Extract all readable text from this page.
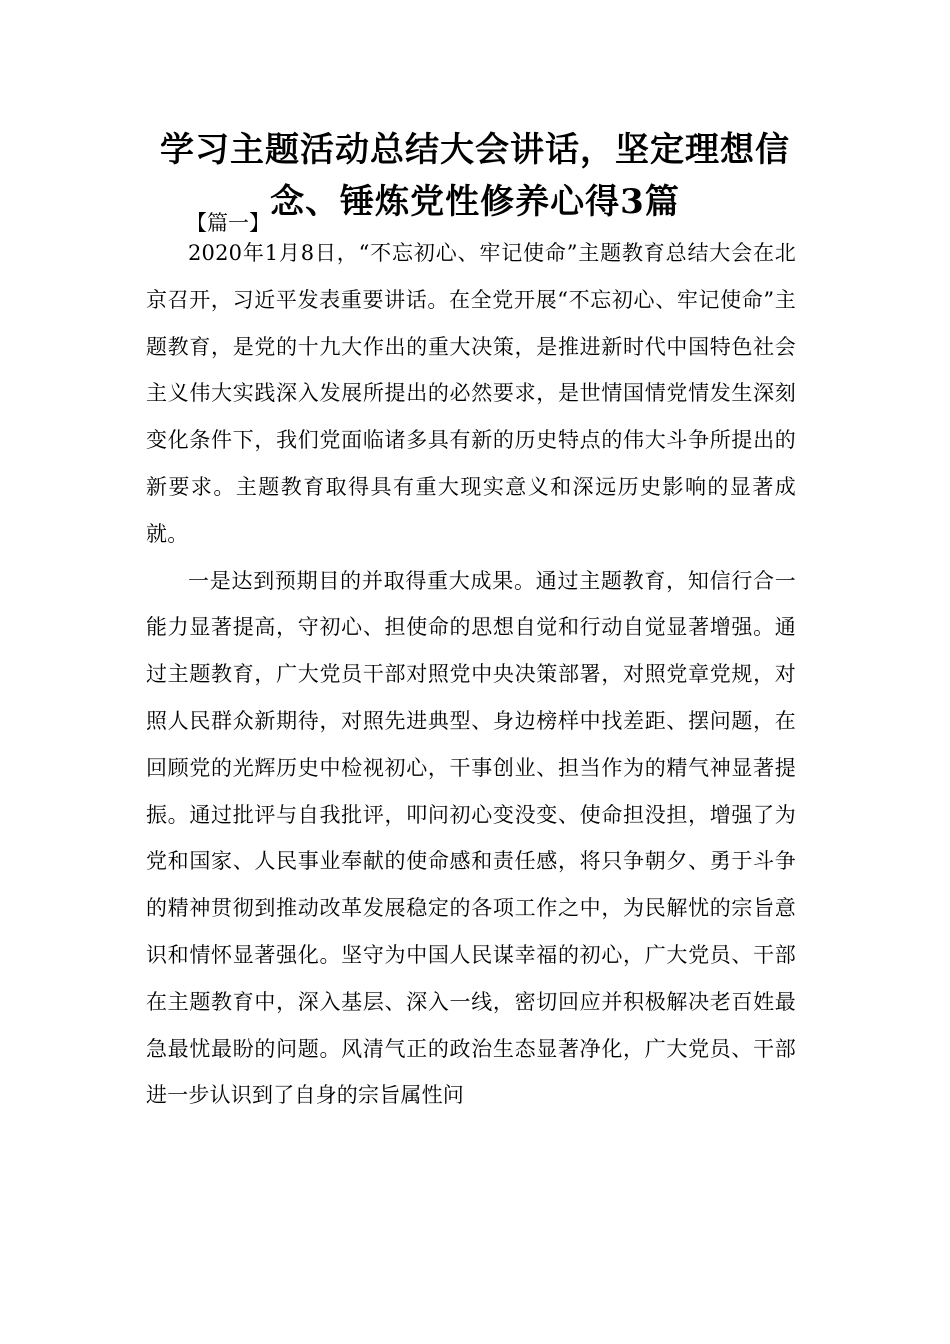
学习主题活动总结大会讲话，坚定理想信
念、锤炼党性修养心得3篇

【篇一】

2020年1月8日，“不忘初心、牢记使命”主题教育总结大会在北京召开，习近平发表重要讲话。在全党开展“不忘初心、牢记使命”主题教育，是党的十九大作出的重大决策，是推进新时代中国特色社会主义伟大实践深入发展所提出的必然要求，是世情国情党情发生深刻变化条件下，我们党面临诸多具有新的历史特点的伟大斗争所提出的新要求。主题教育取得具有重大现实意义和深远历史影响的显著成就。

一是达到预期目的并取得重大成果。通过主题教育，知信行合一能力显著提高，守初心、担使命的思想自觉和行动自觉显著增强。通过主题教育，广大党员干部对照党中央决策部署，对照党章党规，对照人民群众新期待，对照先进典型、身边榜样中找差距、摆问题，在回顾党的光辉历史中检视初心，干事创业、担当作为的精气神显著提振。通过批评与自我批评，叩问初心变没变、使命担没担，增强了为党和国家、人民事业奉献的使命感和责任感，将只争朝夕、勇于斗争的精神贯彻到推动改革发展稳定的各项工作之中，为民解忧的宗旨意识和情怀显著强化。坚守为中国人民谋幸福的初心，广大党员、干部在主题教育中，深入基层、深入一线，密切回应并积极解决老百姓最急最忧最盼的问题。风清气正的政治生态显著净化，广大党员、干部进一步认识到了自身的宗旨属性问
